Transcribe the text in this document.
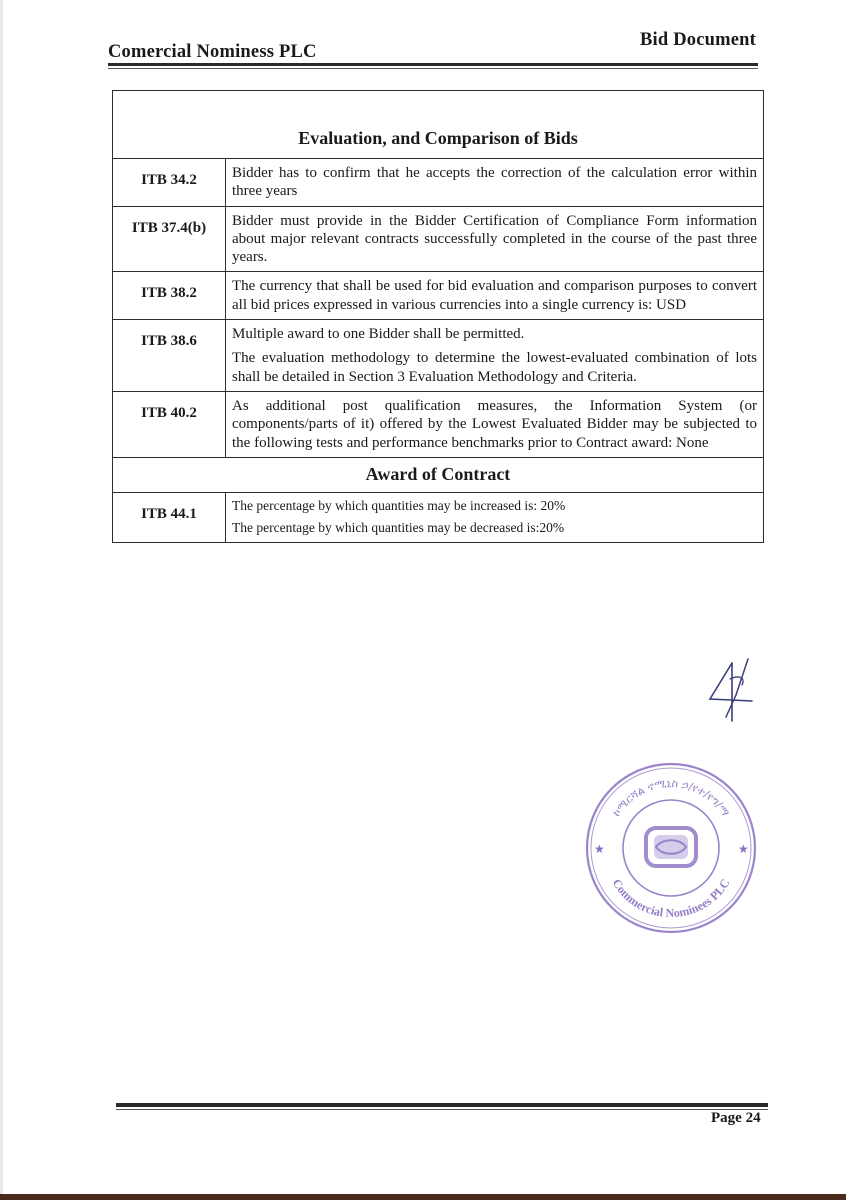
Comercial Nominess PLC
Bid Document
Evaluation, and Comparison of Bids	
ITB 34.2	Bidder has to confirm that he accepts the correction of the calculation error within three years

ITB 37.4(b)	Bidder must provide in the Bidder Certification of Compliance Form information about major relevant contracts successfully completed in the course of the past three years.

ITB 38.2	The currency that shall be used for bid evaluation and comparison purposes to convert all bid prices expressed in various currencies into a single currency is: USD

ITB 38.6	Multiple award to one Bidder shall be permitted.

The evaluation methodology to determine the lowest-evaluated combination of lots shall be detailed in Section 3 Evaluation Methodology and Criteria.

ITB 40.2	As additional post qualification measures, the Information System (or components/parts of it) offered by the Lowest Evaluated Bidder may be subjected to the following tests and performance benchmarks prior to Contract award: None

Award of Contract	
ITB 44.1	The percentage by which quantities may be increased is: 20%

The percentage by which quantities may be decreased is:20%

ኮሜርሻል ኖሚኒስ ኃ/የተ/የግ/ማ
Commercial Nominees PLC
★	★
Page 24
